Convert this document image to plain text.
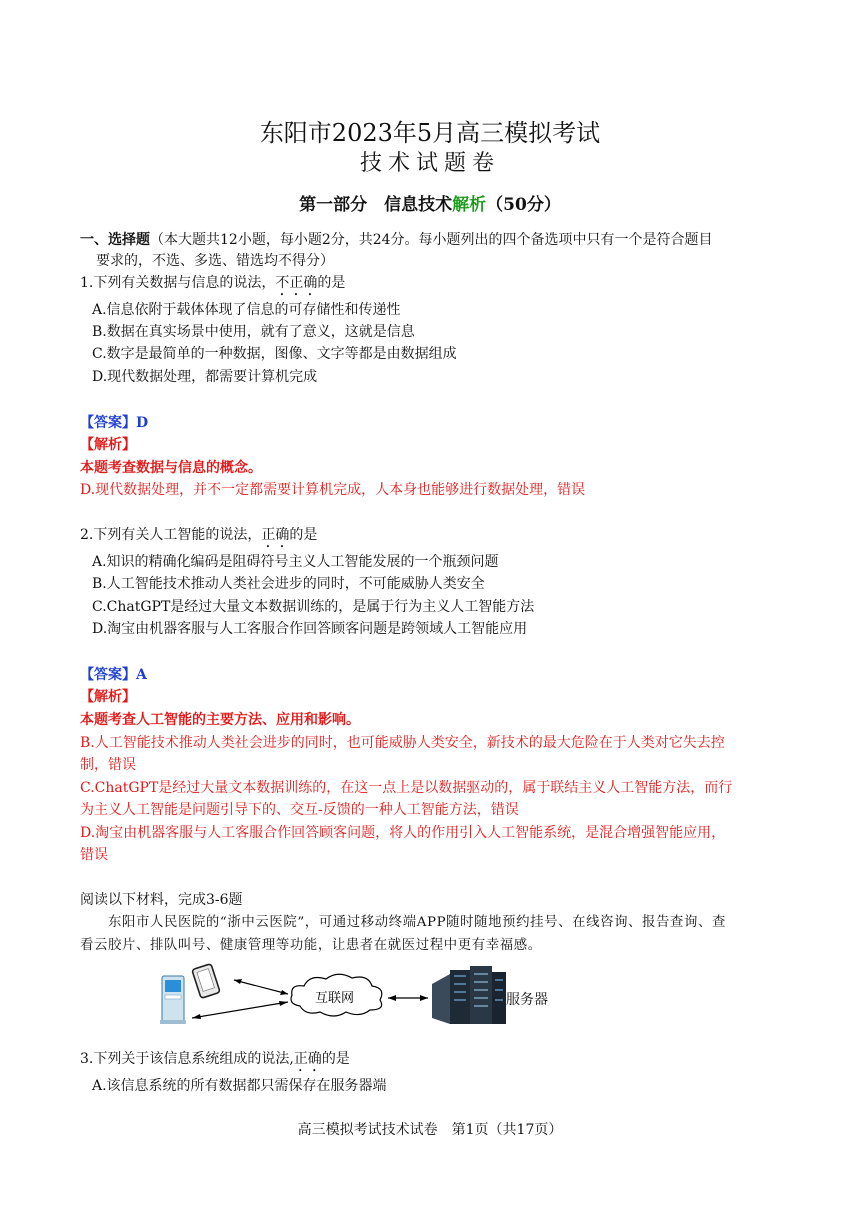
东阳市2023年5月高三模拟考试
技术试题卷
第一部分　信息技术解析（50分）
一、选择题（本大题共12小题，每小题2分，共24分。每小题列出的四个备选项中只有一个是符合题目
要求的，不选、多选、错选均不得分）
1.下列有关数据与信息的说法，不正确的是
A.信息依附于载体体现了信息的可存储性和传递性
B.数据在真实场景中使用，就有了意义，这就是信息
C.数字是最简单的一种数据，图像、文字等都是由数据组成
D.现代数据处理，都需要计算机完成
【答案】D
【解析】
本题考查数据与信息的概念。
D.现代数据处理，并不一定都需要计算机完成，人本身也能够进行数据处理，错误
2.下列有关人工智能的说法，正确的是
A.知识的精确化编码是阻碍符号主义人工智能发展的一个瓶颈问题
B.人工智能技术推动人类社会进步的同时，不可能威胁人类安全
C.ChatGPT是经过大量文本数据训练的，是属于行为主义人工智能方法
D.淘宝由机器客服与人工客服合作回答顾客问题是跨领域人工智能应用
【答案】A
【解析】
本题考查人工智能的主要方法、应用和影响。
B.人工智能技术推动人类社会进步的同时，也可能威胁人类安全，新技术的最大危险在于人类对它失去控
制，错误
C.ChatGPT是经过大量文本数据训练的，在这一点上是以数据驱动的，属于联结主义人工智能方法，而行
为主义人工智能是问题引导下的、交互-反馈的一种人工智能方法，错误
D.淘宝由机器客服与人工客服合作回答顾客问题，将人的作用引入人工智能系统，是混合增强智能应用，
错误
阅读以下材料，完成3-6题
东阳市人民医院的“浙中云医院”，可通过移动终端APP随时随地预约挂号、在线咨询、报告查询、查
看云胶片、排队叫号、健康管理等功能，让患者在就医过程中更有幸福感。
互联网	服务器
3.下列关于该信息系统组成的说法,正确的是
A.该信息系统的所有数据都只需保存在服务器端
高三模拟考试技术试卷　第1页（共17页）
